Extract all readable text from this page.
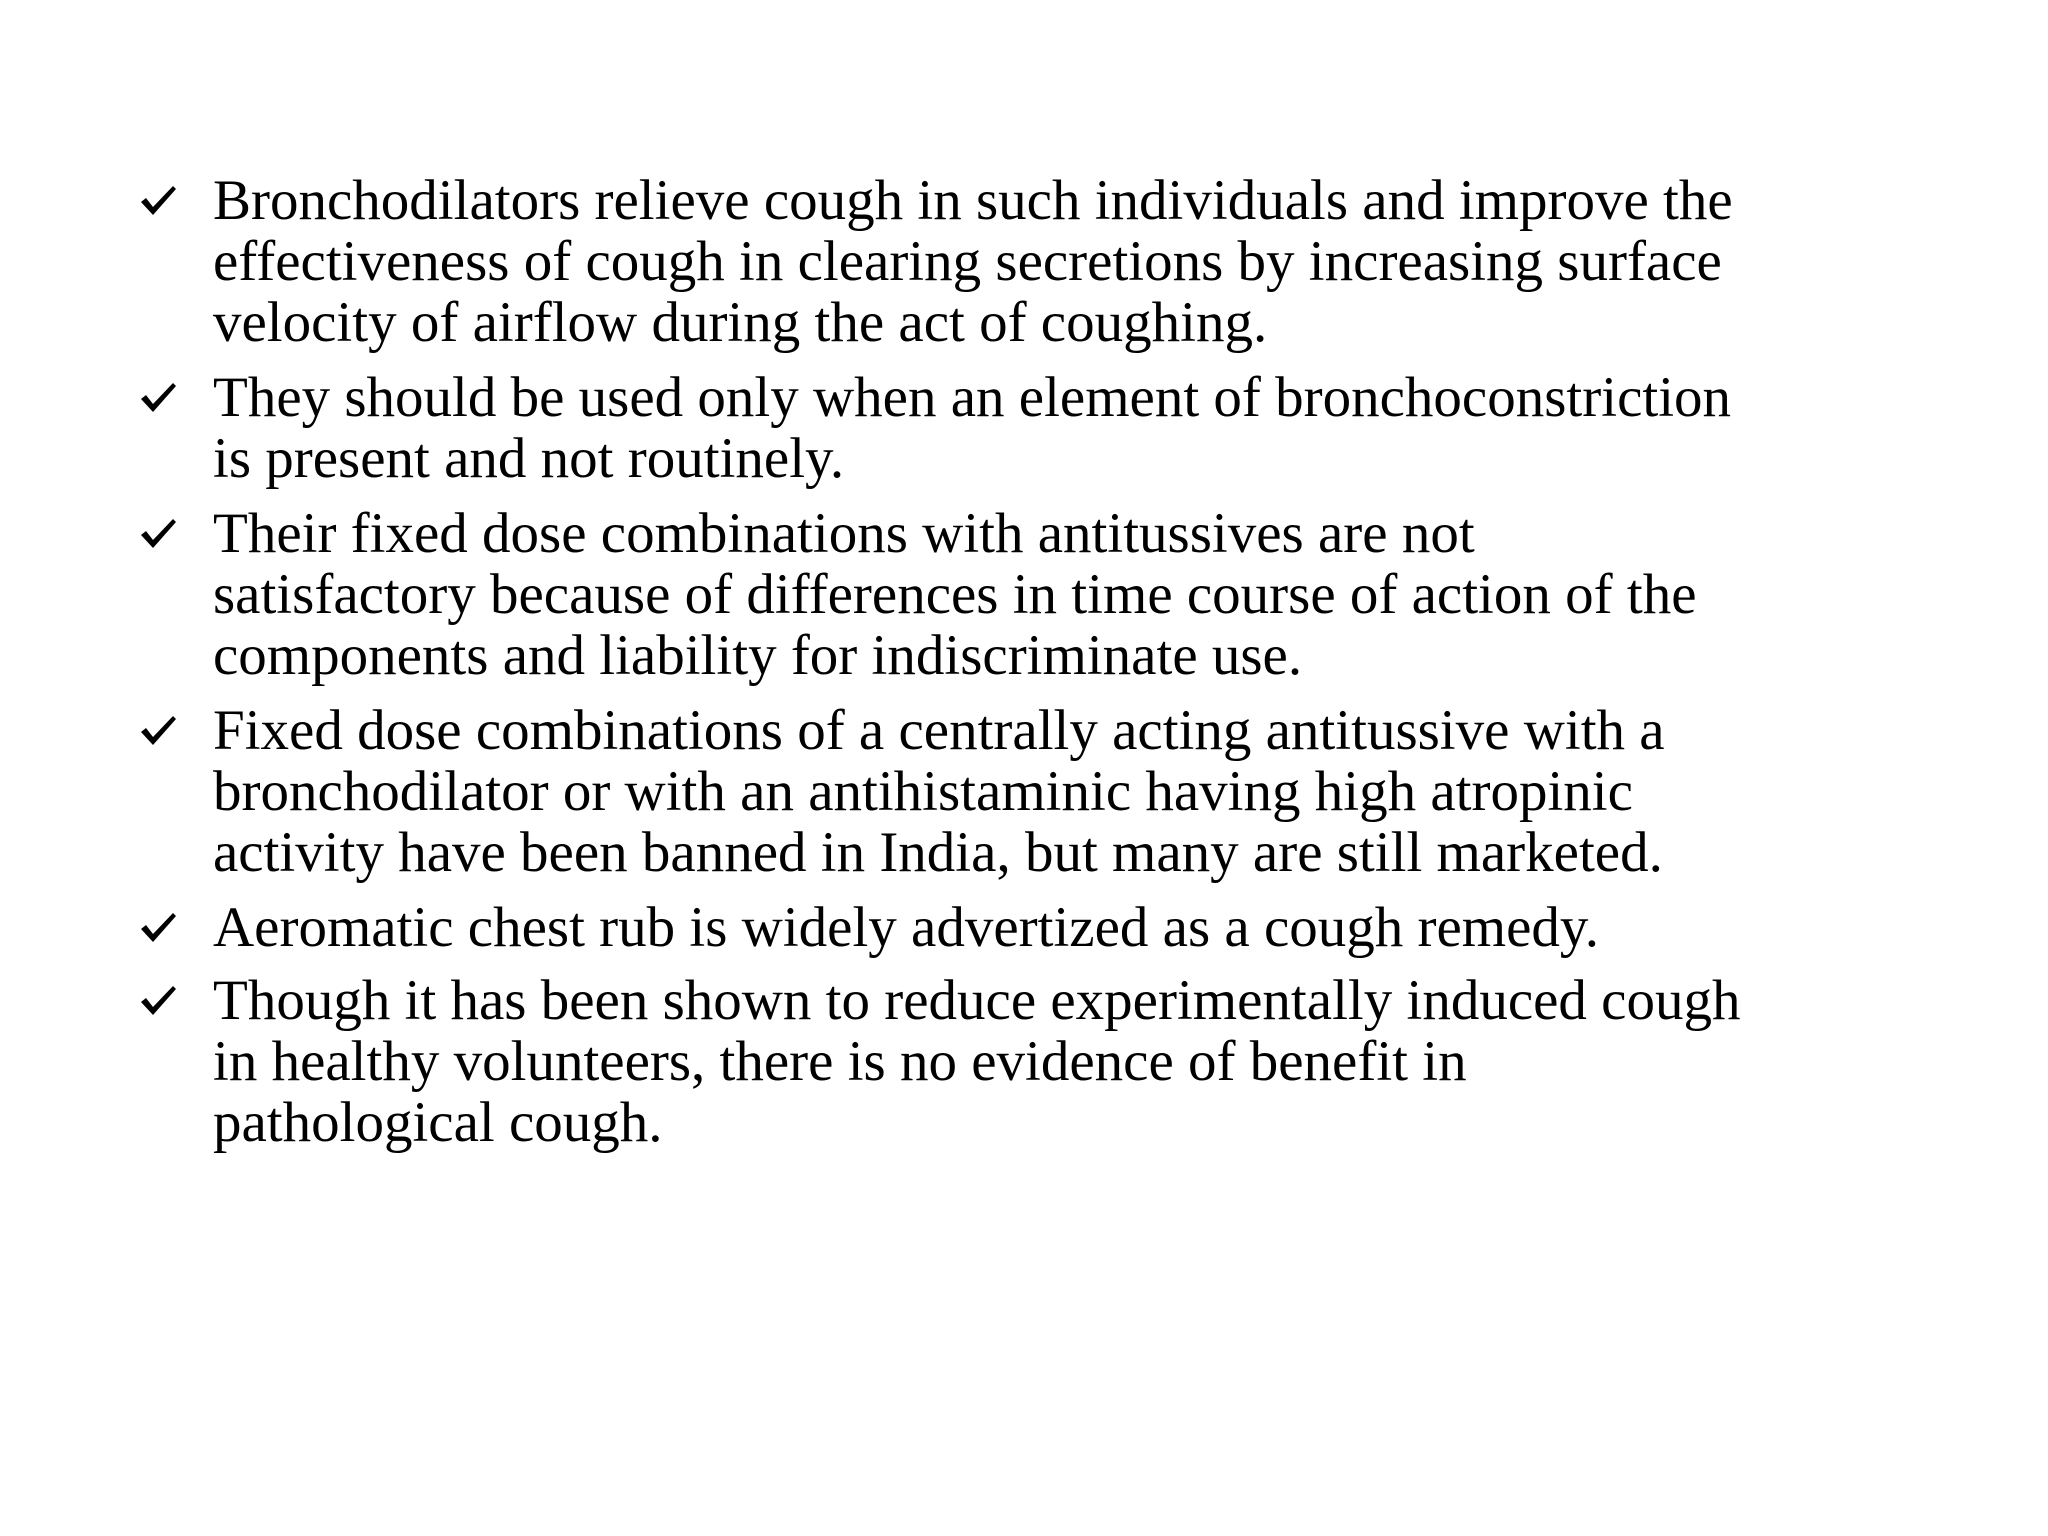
Bronchodilators relieve cough in such individuals and improve the
effectiveness of cough in clearing secretions by increasing surface
velocity of airflow during the act of coughing.
They should be used only when an element of bronchoconstriction
is present and not routinely.
Their fixed dose combinations with antitussives are not
satisfactory because of differences in time course of action of the
components and liability for indiscriminate use.
Fixed dose combinations of a centrally acting antitussive with a
bronchodilator or with an antihistaminic having high atropinic
activity have been banned in India, but many are still marketed.
Aeromatic chest rub is widely advertized as a cough remedy.
Though it has been shown to reduce experimentally induced cough
in healthy volunteers, there is no evidence of benefit in
pathological cough.
